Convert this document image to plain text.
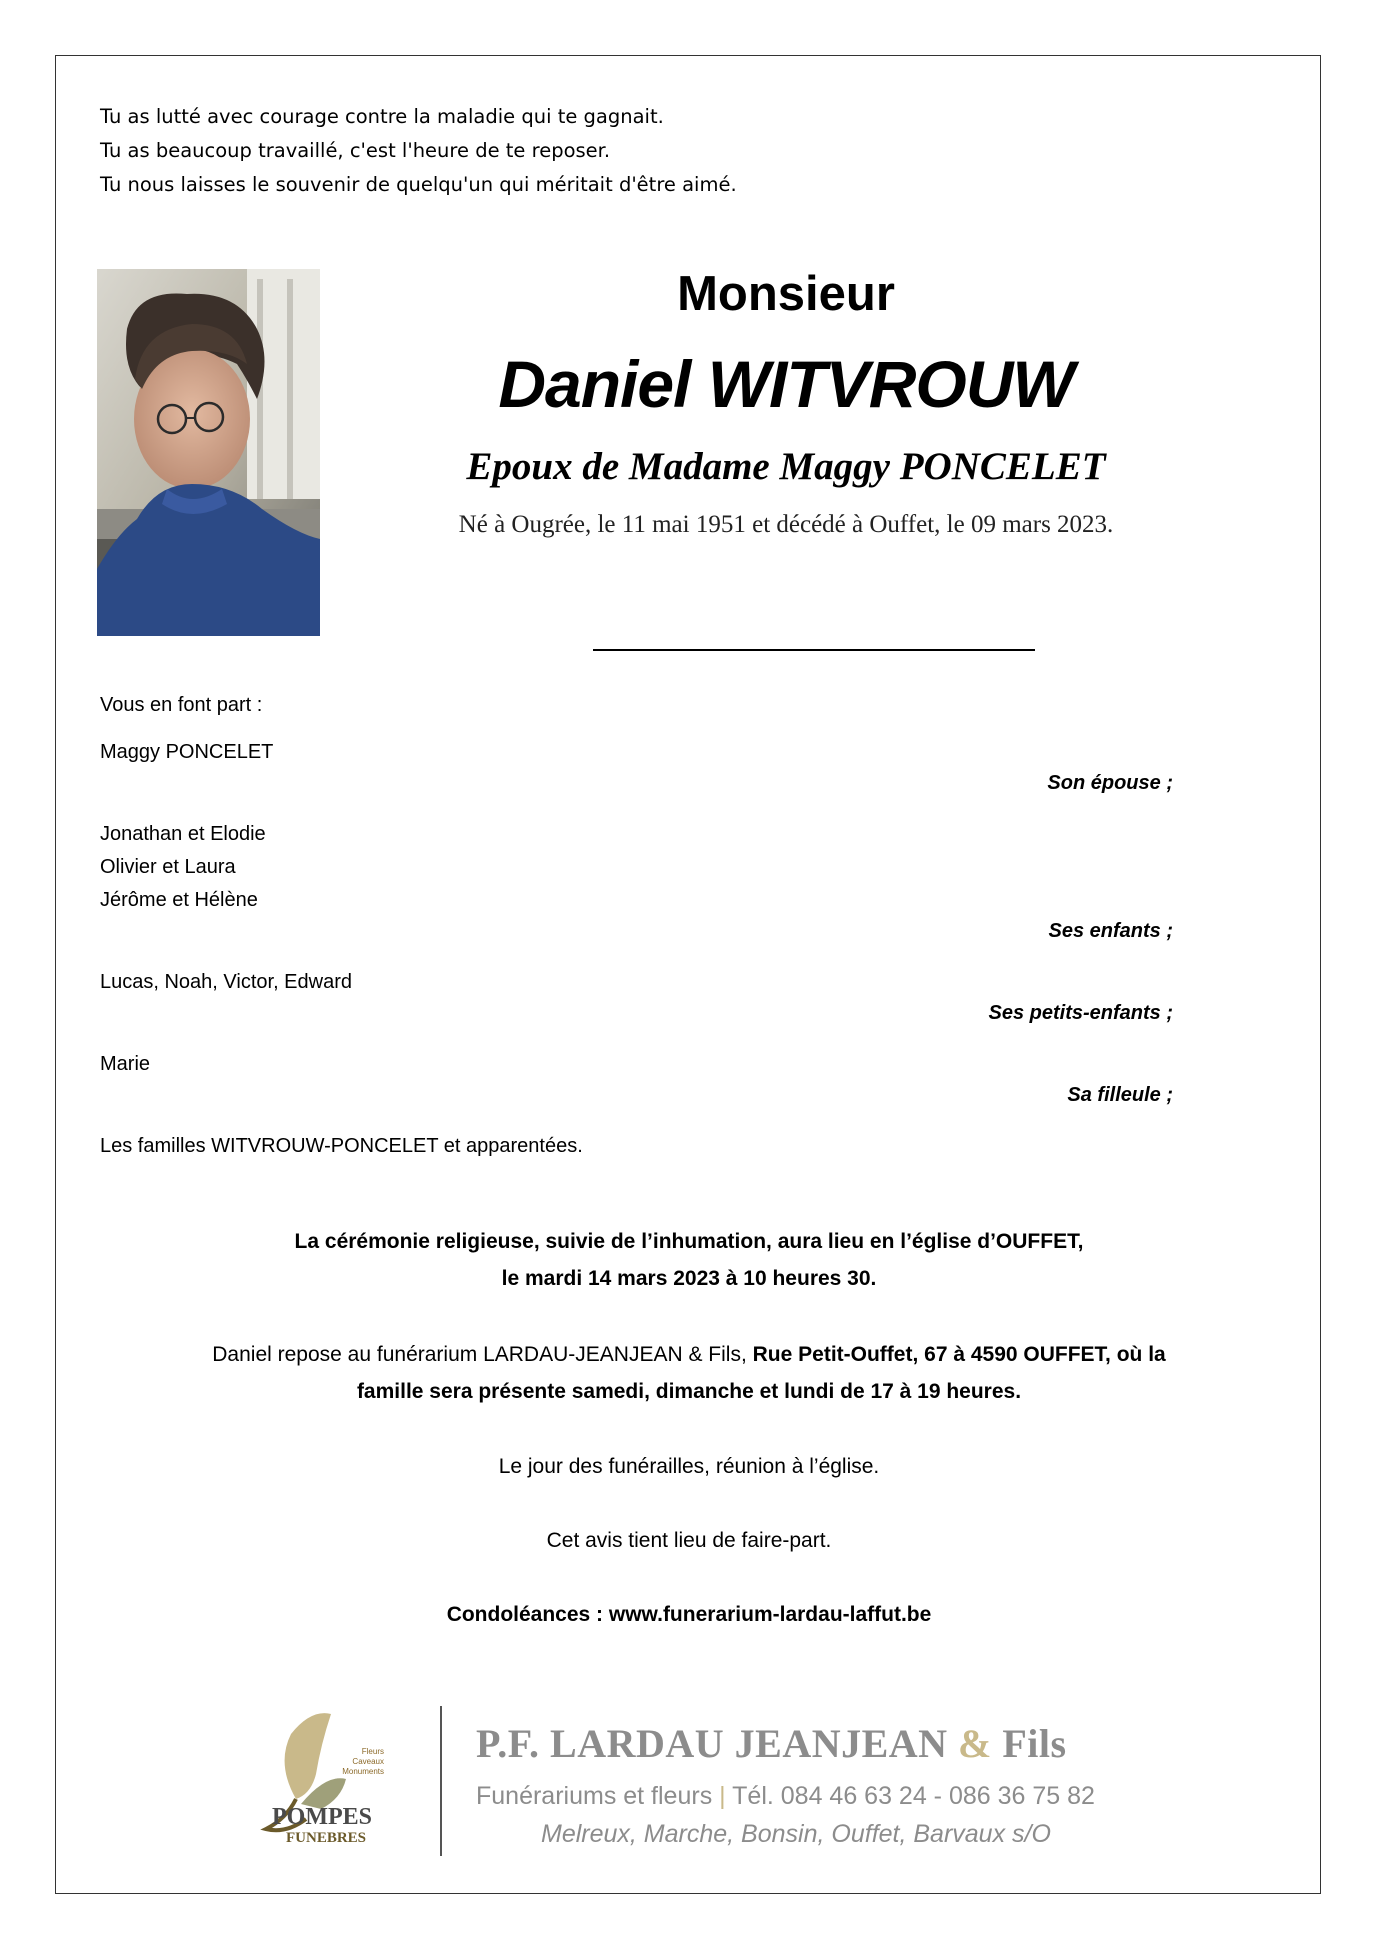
Tu as lutté avec courage contre la maladie qui te gagnait.
Tu as beaucoup travaillé, c'est l'heure de te reposer.
Tu nous laisses le souvenir de quelqu'un qui méritait d'être aimé.
Monsieur
Daniel WITVROUW
Epoux de Madame Maggy PONCELET
Né à Ougrée, le 11 mai 1951 et décédé à Ouffet, le 09 mars 2023.
Vous en font part :
Maggy PONCELET
Son épouse ;
Jonathan et Elodie
Olivier et Laura
Jérôme et Hélène
Ses enfants ;
Lucas, Noah, Victor, Edward
Ses petits-enfants ;
Marie
Sa filleule ;
Les familles WITVROUW-PONCELET et apparentées.
La cérémonie religieuse, suivie de l’inhumation, aura lieu en l’église d’OUFFET,
le mardi 14 mars 2023 à 10 heures 30.
Daniel repose au funérarium LARDAU-JEANJEAN & Fils, Rue Petit-Ouffet, 67 à 4590 OUFFET, où la
famille sera présente samedi, dimanche et lundi de 17 à 19 heures.
Le jour des funérailles, réunion à l’église.
Cet avis tient lieu de faire-part.
Condoléances : www.funerarium-lardau-laffut.be
Fleurs
Caveaux
Monuments
POMPES
FUNEBRES
P.F. LARDAU JEANJEAN & Fils
Funérariums et fleurs | Tél. 084 46 63 24 - 086 36 75 82
Melreux, Marche, Bonsin, Ouffet, Barvaux s/O
